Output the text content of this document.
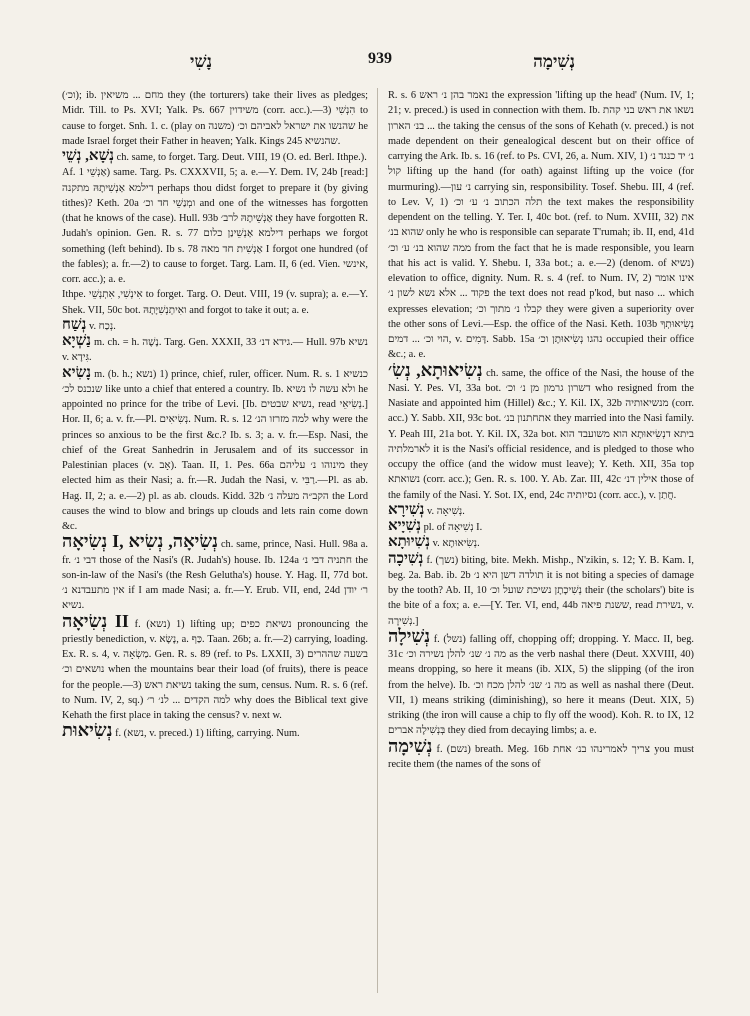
נָשִׁי	939	נְשִׁימָה

(וכ׳); ib. מחם ... משיאין they (the torturers) take their lives as pledges; Midr. Till. to Ps. XVI; Yalk. Ps. 667 משידוין (corr. acc.).—3) הִנְשִׁי to cause to forget. Snh. 1. c. (play on משנה) שהנשו את ישראל לאביהם וכ׳ he made Israel forget their Father in heaven; Yalk. Kings 245 שהנשיא.

נְשָׁא, נְשֵׁי ch. same, to forget. Targ. Deut. VIII, 19 (O. ed. Berl. Ithpe.).

Af. אַנְשֵׁי 1) same. Targ. Ps. CXXXVII, 5; a. e.—Y. Dem. IV, 24b [read:] דילמא אַנְשִׁיתָהּ מתקנה perhaps thou didst forget to prepare it (by giving tithes)? Keth. 20a ומְנַשֵׁי חד וכ׳ and one of the witnesses has forgotten (that he knows of the case). Hull. 93b אַנְשֵׁיתָהּ לרב׳ they have forgotten R. Judah's opinion. Gen. R. s. 77 דילמא אַנְשֵׁינַן כלום perhaps we forgot something (left behind). Ib s. 78 אַנְשִׁית חד מאה I forgot one hundred (of the fables); a. fr.—2) to cause to forget. Targ. Lam. II, 6 (ed. Vien. אינשי, corr. acc.); a. e.

Ithpe. אִינְשִׁי, אִתְנְשֵׁי to forget. Targ. O. Deut. VIII, 19 (v. supra); a. e.—Y. Shek. VII, 50c bot. ואִיתְנְשִׁיָתָהּ and forgot to take it out; a. e.

נְשַׁח v. נְכַח.

נַשְׁיָא m. ch. = h. נֶשֶׁה. Targ. Gen. XXXII, 33 גידא דנ׳.— Hull. 97b נשיא v. גִּידָא.

נָשִׂיא m. (b. h.; נשא) 1) prince, chief, ruler, officer. Num. R. s. 1 כנשיא שנכנס לכ׳ like unto a chief that entered a country. Ib. ולא עשה לו נשיא he appointed no prince for the tribe of Levi. [Ib. נשיא שבטים, read נְשִׂיאֵי.] Hor. II, 6; a. v. fr.—Pl. נְשִׂיאִים. Num. R. s. 12 למה מזרזו הנ׳ why were the princes so anxious to be the first &c.? Ib. s. 3; a. v. fr.—Esp. Nasi, the chief of the Great Sanhedrin in Jerusalem and of its successor in Palestinian places (v. אָב). Taan. II, 1. Pes. 66a מינוהו נ׳ עליהם they elected him as their Nasi; a. fr.—R. Judah the Nasi, v. רַבִּי.—Pl. as ab. Hag. II, 2; a. e.—2) pl. as ab. clouds. Kidd. 32b הקב״ה מעלה נ׳ the Lord causes the wind to blow and brings up clouds and lets rain come down &c.

נְשִׂיאָה I, נְשִׂיאָה, נְשִׂיא ch. same, prince, Nasi. Hull. 98a a. fr. דבי נ׳ those of the Nasi's (R. Judah's) house. Ib. 124a חתניה דבי נ׳ the son-in-law of the Nasi's (the Resh Gelutha's) house. Y. Hag. II, 77d bot. אין מתעבדנא נ׳ if I am made Nasi; a. fr.—Y. Erub. VII, end, 24d ר׳ יודן נשיא.

נְשִׂיאָה II f. (נשא) 1) lifting up; נשיאת כפים pronouncing the priestly benediction, v. נָשָׂא, a. כַּף. Taan. 26b; a. fr.—2) carrying, loading. Ex. R. s. 4, v. מַשְׂאָה. Gen. R. s. 89 (ref. to Ps. LXXII, 3) בשעה שההרים נושאים וכ׳ when the mountains bear their load (of fruits), there is peace for the people.—3) נשיאת ראש taking the sum, census. Num. R. s. 6 (ref. to Num. IV, 2, sq.) למה הקדים ... לנ׳ ר׳ why does the Biblical text give Kehath the first place in taking the census? v. next w.

נְשִׂיאוּת f. (נשא, v. preced.) 1) lifting, carrying. Num.

R. s. 6 נאמר בהן נ׳ ראש the expression 'lifting up the head' (Num. IV, 1; 21; v. preced.) is used in connection with them. Ib. נשאו את ראש בני קהת ... בנ׳ הארון the taking the census of the sons of Kehath (v. preced.) is not made dependent on their genealogical descent but on their office of carrying the Ark. Ib. s. 16 (ref. to Ps. CVI, 26, a. Num. XIV, 1) נ׳ יד כנגד נ׳ קול lifting up the hand (for oath) against lifting up the voice (for murmuring).—נ׳ עון carrying sin, responsibility. Tosef. Shebu. III, 4 (ref. to Lev. V, 1) תלה הכתוב נ׳ ע׳ וכ׳ the text makes the responsibility dependent on the telling. Y. Ter. I, 40c bot. (ref. to Num. XVIII, 32) את שהוא בנ׳ only he who is responsible can separate T'rumah; ib. II, end, 41d ממה שהוא בנ׳ ע׳ וכ׳ from the fact that he is made responsible, you learn that his act is valid. Y. Shebu. I, 33a bot.; a. e.—2) (denom. of נשיא) elevation to office, dignity. Num. R. s. 4 (ref. to Num. IV, 2) אינו אומר פקוד ... אלא נשא לשון נ׳ the text does not read p'kod, but naso ... which expresses elevation; קבלו נ׳ מתוך וכ׳ they were given a superiority over the other sons of Levi.—Esp. the office of the Nasi. Keth. 103b נְשִׂיאוּתְךָ הוי וכ׳ ... דמים, v. דָּמִים. Sabb. 15a נהגו נְשִׂיאוּתָן וכ׳ occupied their office &c.; a. e.

נְשִׂיאוּתָא, נְשִׂ׳ ch. same, the office of the Nasi, the house of the Nasi. Y. Pes. VI, 33a bot. דשרון גרמון מן נ׳ וכ׳ who resigned from the Nasiate and appointed him (Hillel) &c.; Y. Kil. IX, 32b מנשיאותיה (corr. acc.) Y. Sabb. XII, 93c bot. אתחתנון בנ׳ they married into the Nasi family. Y. Peah III, 21a bot. Y. Kil. IX, 32a bot. ביתא דנְשִׂיאוּתָא הוא משועבד הוא לארמלתיה it is the Nasi's official residence, and is pledged to those who occupy the office (and the widow must leave); Y. Keth. XII, 35a top נשואתא (corr. acc.); Gen. R. s. 100. Y. Ab. Zar. III, 42c אילין דנ׳ those of the family of the Nasi. Y. Sot. IX, end, 24c נסיותיה (corr. acc.), v. חֲתַן.

נְשִׁירָא v. נְשִׁיאָה.

נְשִׁיָיא pl. of נְשִׁיאָה I.

נְשִׁיוּתָא v. נְשִׂיאוּתָא.

נְשִׁיכָה f. (נשך) biting, bite. Mekh. Mishp., N'zikin, s. 12; Y. B. Kam. I, beg. 2a. Bab. ib. 2b תולדה דשן היא נ׳ it is not biting a species of damage by the tooth? Ab. II, 10 נְשִׁיכָתָן נשיכת שועל וכ׳ their (the scholars') bite is the bite of a fox; a. e.—[Y. Ter. VI, end, 44b ששנת פיאה, read נשירת, v. נְשִׁירָה.]

נְשִׁילָה f. (נשל) falling off, chopping off; dropping. Y. Macc. II, beg. 31c מה נ׳ שנ׳ להלן נשירה וכ׳ as the verb nashal there (Deut. XXVIII, 40) means dropping, so here it means (ib. XIX, 5) the slipping (of the iron from the helve). Ib. מה נ׳ שנ׳ להלן מכח וכ׳ as well as nashal there (Deut. VII, 1) means striking (diminishing), so here it means (Deut. XIX, 5) striking (the iron will cause a chip to fly off the wood). Koh. R. to IX, 12 בְּנְשִׁילָה אברים they died from decaying limbs; a. e.

נְשִׁימָה f. (נשם) breath. Meg. 16b צריך לאמרינהו בנ׳ אחת you must recite them (the names of the sons of
